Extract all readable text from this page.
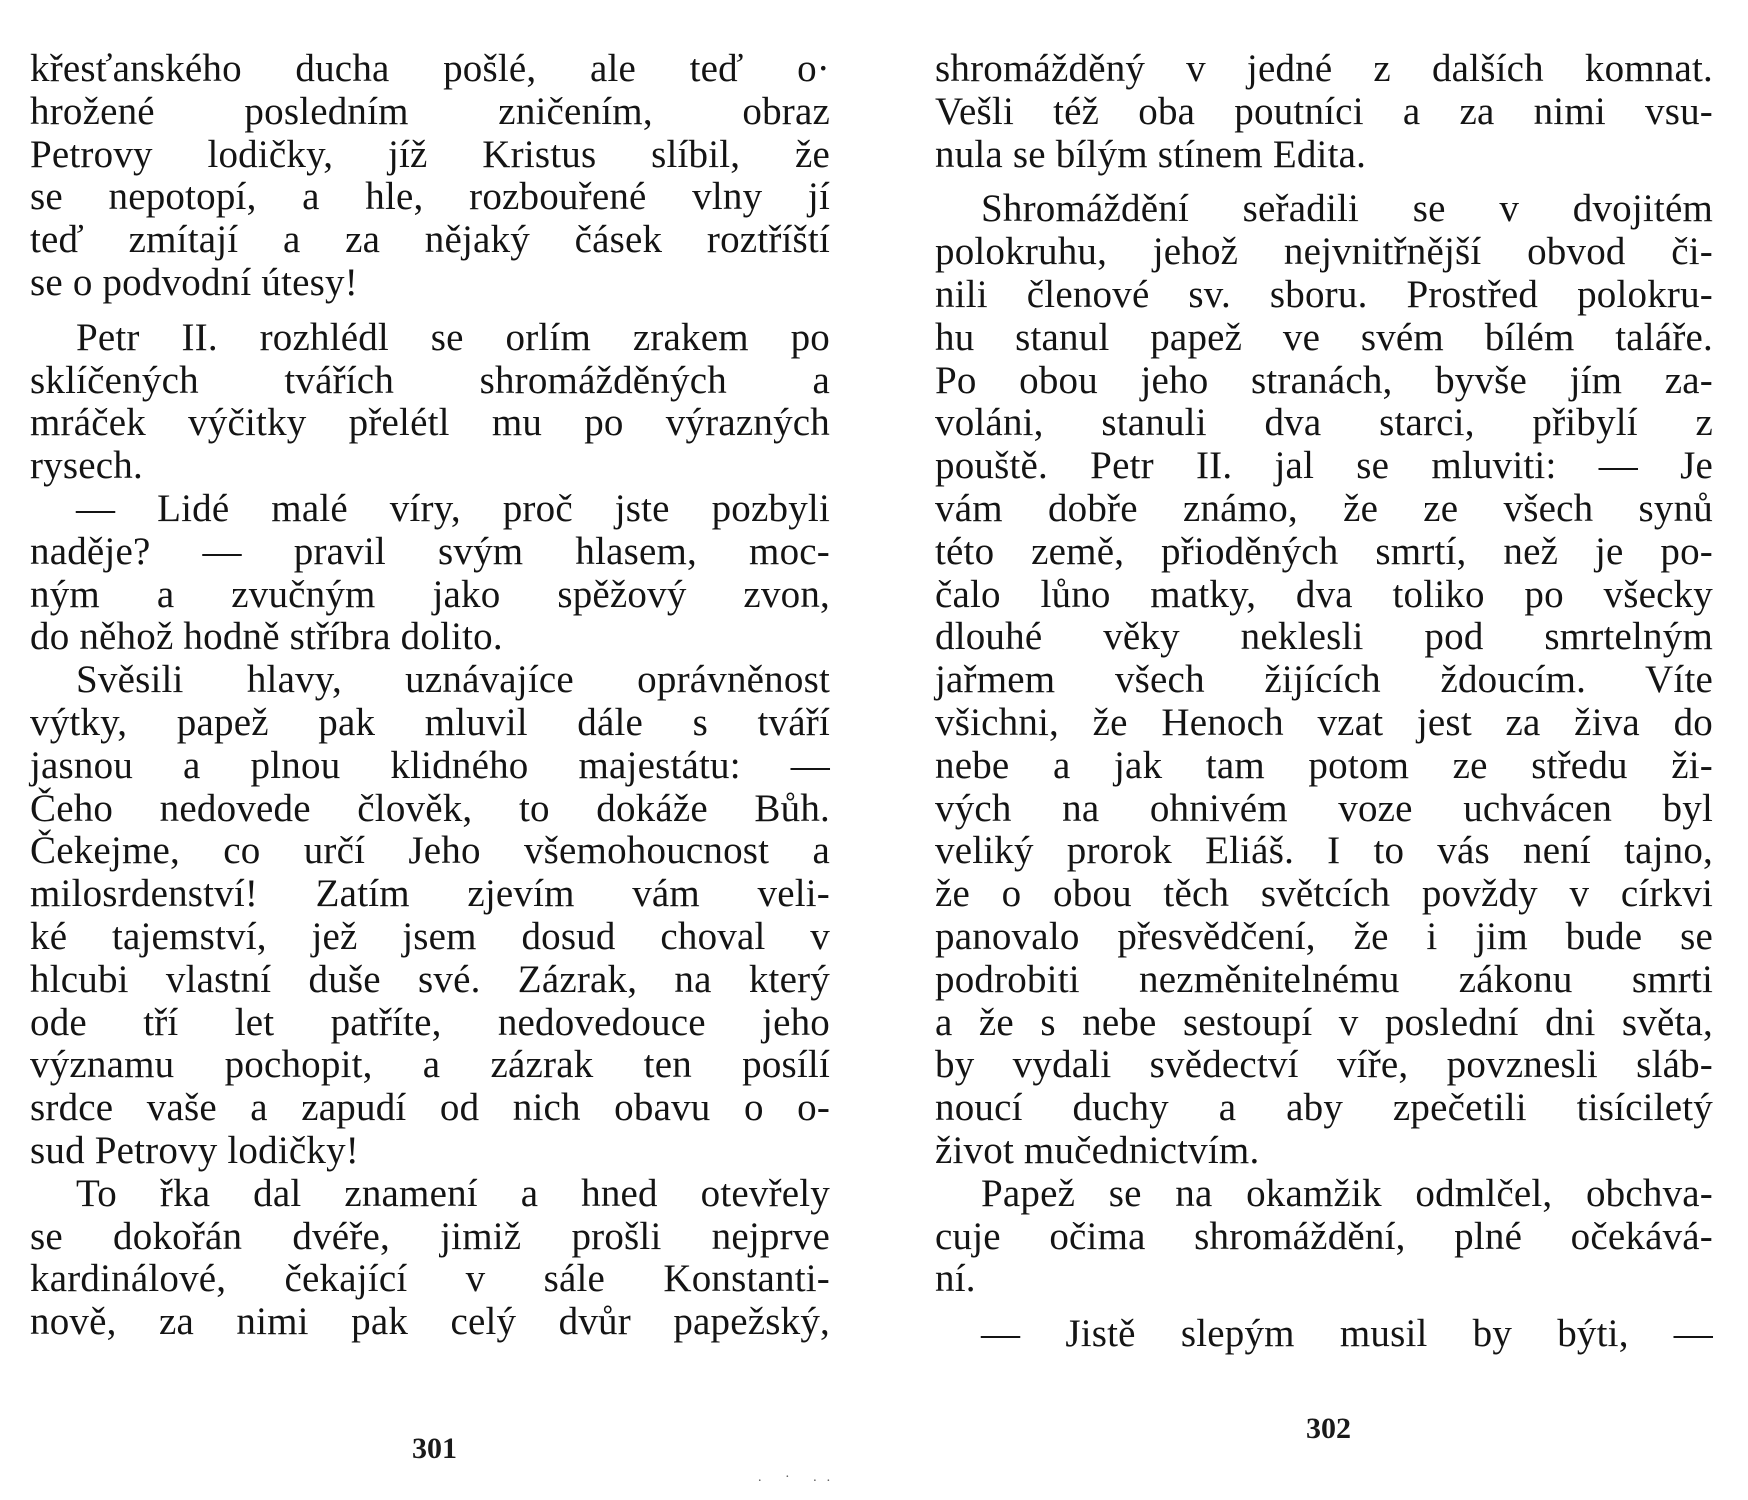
křesťanského ducha pošlé, ale teď o·
hrožené posledním zničením, obraz
Petrovy lodičky, jíž Kristus slíbil, že
se nepotopí, a hle, rozbouřené vlny jí
teď zmítají a za nějaký čásek roztříští
se o podvodní útesy!
Petr II. rozhlédl se orlím zrakem po
sklíčených tvářích shromážděných a
mráček výčitky přelétl mu po výrazných
rysech.
— Lidé malé víry, proč jste pozbyli
naděje? — pravil svým hlasem, moc-
ným a zvučným jako spěžový zvon,
do něhož hodně stříbra dolito.
Svěsili hlavy, uznávajíce oprávněnost
výtky, papež pak mluvil dále s tváří
jasnou a plnou klidného majestátu: —
Čeho nedovede člověk, to dokáže Bůh.
Čekejme, co určí Jeho všemohoucnost a
milosrdenství! Zatím zjevím vám veli-
ké tajemství, jež jsem dosud choval v
hlcubi vlastní duše své. Zázrak, na který
ode tří let patříte, nedovedouce jeho
významu pochopit, a zázrak ten posílí
srdce vaše a zapudí od nich obavu o o-
sud Petrovy lodičky!
To řka dal znamení a hned otevřely
se dokořán dvéře, jimiž prošli nejprve
kardinálové, čekající v sále Konstanti-
nově, za nimi pak celý dvůr papežský,
shromážděný v jedné z dalších komnat.
Vešli též oba poutníci a za nimi vsu-
nula se bílým stínem Edita.
Shromáždění seřadili se v dvojitém
polokruhu, jehož nejvnitřnější obvod či-
nili členové sv. sboru. Prostřed polokru-
hu stanul papež ve svém bílém taláře.
Po obou jeho stranách, byvše jím za-
voláni, stanuli dva starci, přibylí z
pouště. Petr II. jal se mluviti: — Je
vám dobře známo, že ze všech synů
této země, přioděných smrtí, než je po-
čalo lůno matky, dva toliko po všecky
dlouhé věky neklesli pod smrtelným
jařmem všech žijících ždoucím. Víte
všichni, že Henoch vzat jest za živa do
nebe a jak tam potom ze středu ži-
vých na ohnivém voze uchvácen byl
veliký prorok Eliáš. I to vás není tajno,
že o obou těch světcích povždy v církvi
panovalo přesvědčení, že i jim bude se
podrobiti nezměnitelnému zákonu smrti
a že s nebe sestoupí v poslední dni světa,
by vydali svědectví víře, povznesli sláb-
noucí duchy a aby zpečetili tisíciletý
život mučednictvím.
Papež se na okamžik odmlčel, obchva-
cuje očima shromáždění, plné očekává-
ní.
— Jistě slepým musil by býti, —
301
302
. · ..
